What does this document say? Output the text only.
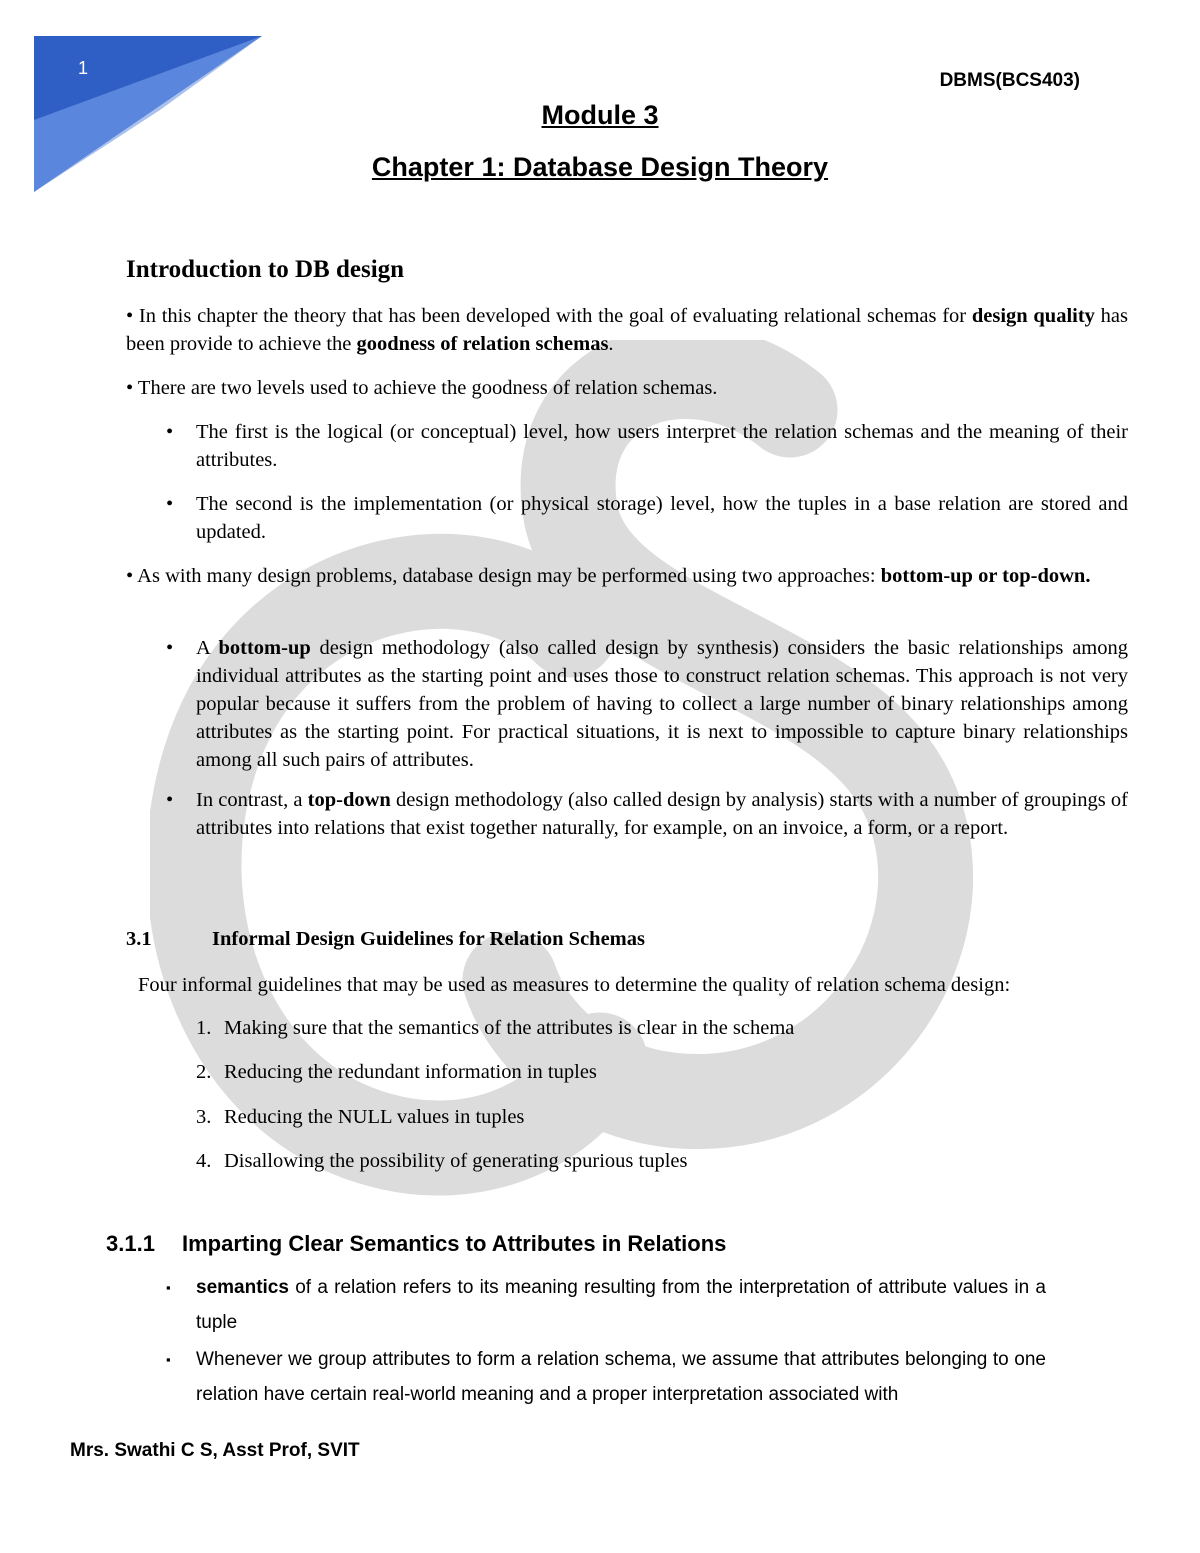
1
DBMS(BCS403)
Module 3
Chapter 1: Database Design Theory
Introduction to DB design
• In this chapter the theory that has been developed with the goal of evaluating relational schemas for design quality has been provide to achieve the goodness of relation schemas.
• There are two levels used to achieve the goodness of relation schemas.
•	The first is the logical (or conceptual) level, how users interpret the relation schemas and the meaning of their attributes.
•	The second is the implementation (or physical storage) level, how the tuples in a base relation are stored and updated.
• As with many design problems, database design may be performed using two approaches: bottom-up or top-down.
•	A bottom-up design methodology (also called design by synthesis) considers the basic relationships among individual attributes as the starting point and uses those to construct relation schemas. This approach is not very popular because it suffers from the problem of having to collect a large number of binary relationships among attributes as the starting point. For practical situations, it is next to impossible to capture binary relationships among all such pairs of attributes.
•	In contrast, a top-down design methodology (also called design by analysis) starts with a number of groupings of attributes into relations that exist together naturally, for example, on an invoice, a form, or a report.
3.1	Informal Design Guidelines for Relation Schemas
Four informal guidelines that may be used as measures to determine the quality of relation schema design:
1. Making sure that the semantics of the attributes is clear in the schema
2. Reducing the redundant information in tuples
3. Reducing the NULL values in tuples
4. Disallowing the possibility of generating spurious tuples
3.1.1 Imparting Clear Semantics to Attributes in Relations
▪ semantics of a relation refers to its meaning resulting from the interpretation of attribute values in a tuple
▪ Whenever we group attributes to form a relation schema, we assume that attributes belonging to one relation have certain real-world meaning and a proper interpretation associated with
Mrs. Swathi C S, Asst Prof, SVIT
